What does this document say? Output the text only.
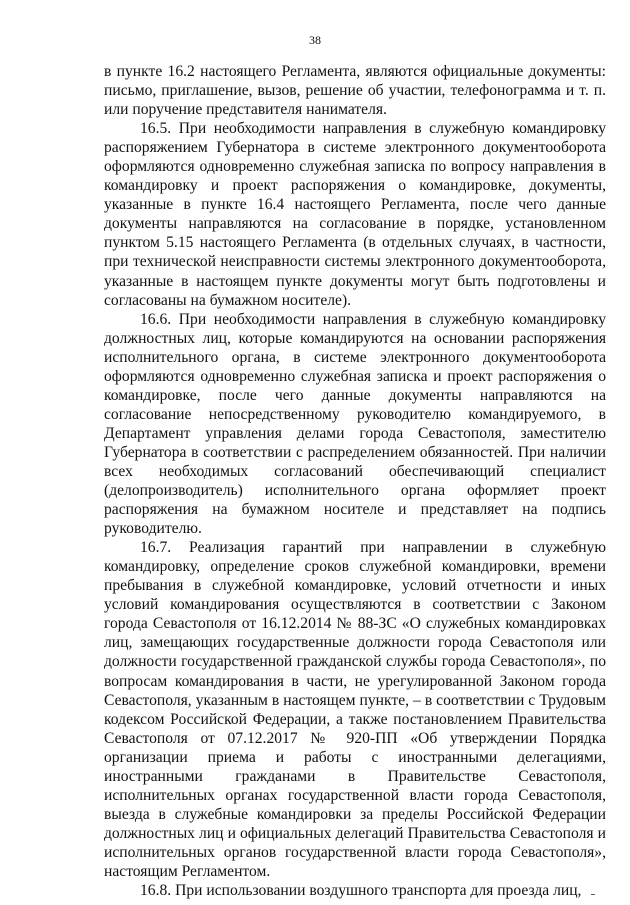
38

в пункте 16.2 настоящего Регламента, являются официальные документы: письмо, приглашение, вызов, решение об участии, телефонограмма и т. п. или поручение представителя нанимателя.

16.5. При необходимости направления в служебную командировку распоряжением Губернатора в системе электронного документооборота оформляются одновременно служебная записка по вопросу направления в командировку и проект распоряжения о командировке, документы, указанные в пункте 16.4 настоящего Регламента, после чего данные документы направляются на согласование в порядке, установленном пунктом 5.15 настоящего Регламента (в отдельных случаях, в частности, при технической неисправности системы электронного документооборота, указанные в настоящем пункте документы могут быть подготовлены и согласованы на бумажном носителе).

16.6. При необходимости направления в служебную командировку должностных лиц, которые командируются на основании распоряжения исполнительного органа, в системе электронного документооборота оформляются одновременно служебная записка и проект распоряжения о командировке, после чего данные документы направляются на согласование непосредственному руководителю командируемого, в Департамент управления делами города Севастополя, заместителю Губернатора в соответствии с распределением обязанностей. При наличии всех необходимых согласований обеспечивающий специалист (делопроизводитель) исполнительного органа оформляет проект распоряжения на бумажном носителе и представляет на подпись руководителю.

16.7. Реализация гарантий при направлении в служебную командировку, определение сроков служебной командировки, времени пребывания в служебной командировке, условий отчетности и иных условий командирования осуществляются в соответствии с Законом города Севастополя от 16.12.2014 № 88-ЗС «О служебных командировках лиц, замещающих государственные должности города Севастополя или должности государственной гражданской службы города Севастополя», по вопросам командирования в части, не урегулированной Законом города Севастополя, указанным в настоящем пункте, – в соответствии с Трудовым кодексом Российской Федерации, а также постановлением Правительства Севастополя от 07.12.2017 № 920-ПП «Об утверждении Порядка организации приема и работы с иностранными делегациями, иностранными гражданами в Правительстве Севастополя, исполнительных органах государственной власти города Севастополя, выезда в служебные командировки за пределы Российской Федерации должностных лиц и официальных делегаций Правительства Севастополя и исполнительных органов государственной власти города Севастополя», настоящим Регламентом.

16.8. При использовании воздушного транспорта для проезда лиц,
